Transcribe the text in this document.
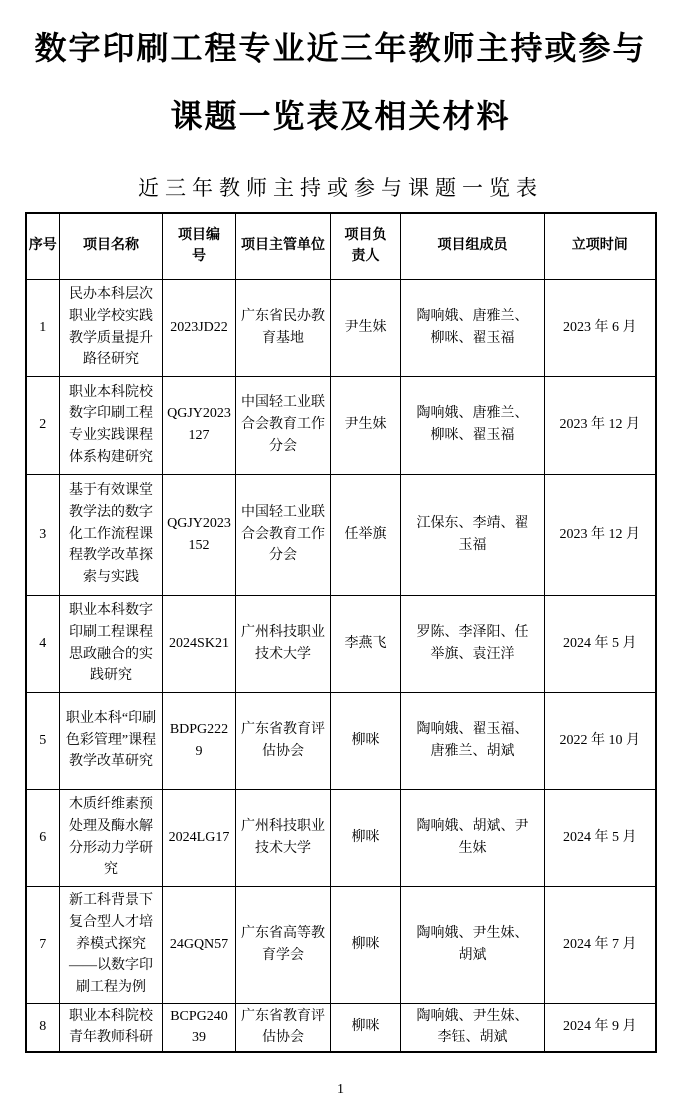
数字印刷工程专业近三年教师主持或参与
课题一览表及相关材料
近三年教师主持或参与课题一览表
序号	项目名称	项目编号	项目主管单位	项目负责人	项目组成员	立项时间
1	民办本科层次职业学校实践教学质量提升路径研究	2023JD22	广东省民办教育基地	尹生妹	陶响娥、唐雅兰、柳咪、翟玉福	2023 年 6 月
2	职业本科院校数字印刷工程专业实践课程体系构建研究	QGJY2023127	中国轻工业联合会教育工作分会	尹生妹	陶响娥、唐雅兰、柳咪、翟玉福	2023 年 12 月
3	基于有效课堂教学法的数字化工作流程课程教学改革探索与实践	QGJY2023152	中国轻工业联合会教育工作分会	任举旗	江保东、李靖、翟玉福	2023 年 12 月
4	职业本科数字印刷工程课程思政融合的实践研究	2024SK21	广州科技职业技术大学	李燕飞	罗陈、李泽阳、任举旗、袁汪洋	2024 年 5 月
5	职业本科“印刷色彩管理”课程教学改革研究	BDPG2229	广东省教育评估协会	柳咪	陶响娥、翟玉福、唐雅兰、胡斌	2022 年 10 月
6	木质纤维素预处理及酶水解分形动力学研究	2024LG17	广州科技职业技术大学	柳咪	陶响娥、胡斌、尹生妹	2024 年 5 月
7	新工科背景下复合型人才培养模式探究——以数字印刷工程为例	24GQN57	广东省高等教育学会	柳咪	陶响娥、尹生妹、胡斌	2024 年 7 月
8	职业本科院校青年教师科研	BCPG24039	广东省教育评估协会	柳咪	陶响娥、尹生妹、李钰、胡斌	2024 年 9 月
1
